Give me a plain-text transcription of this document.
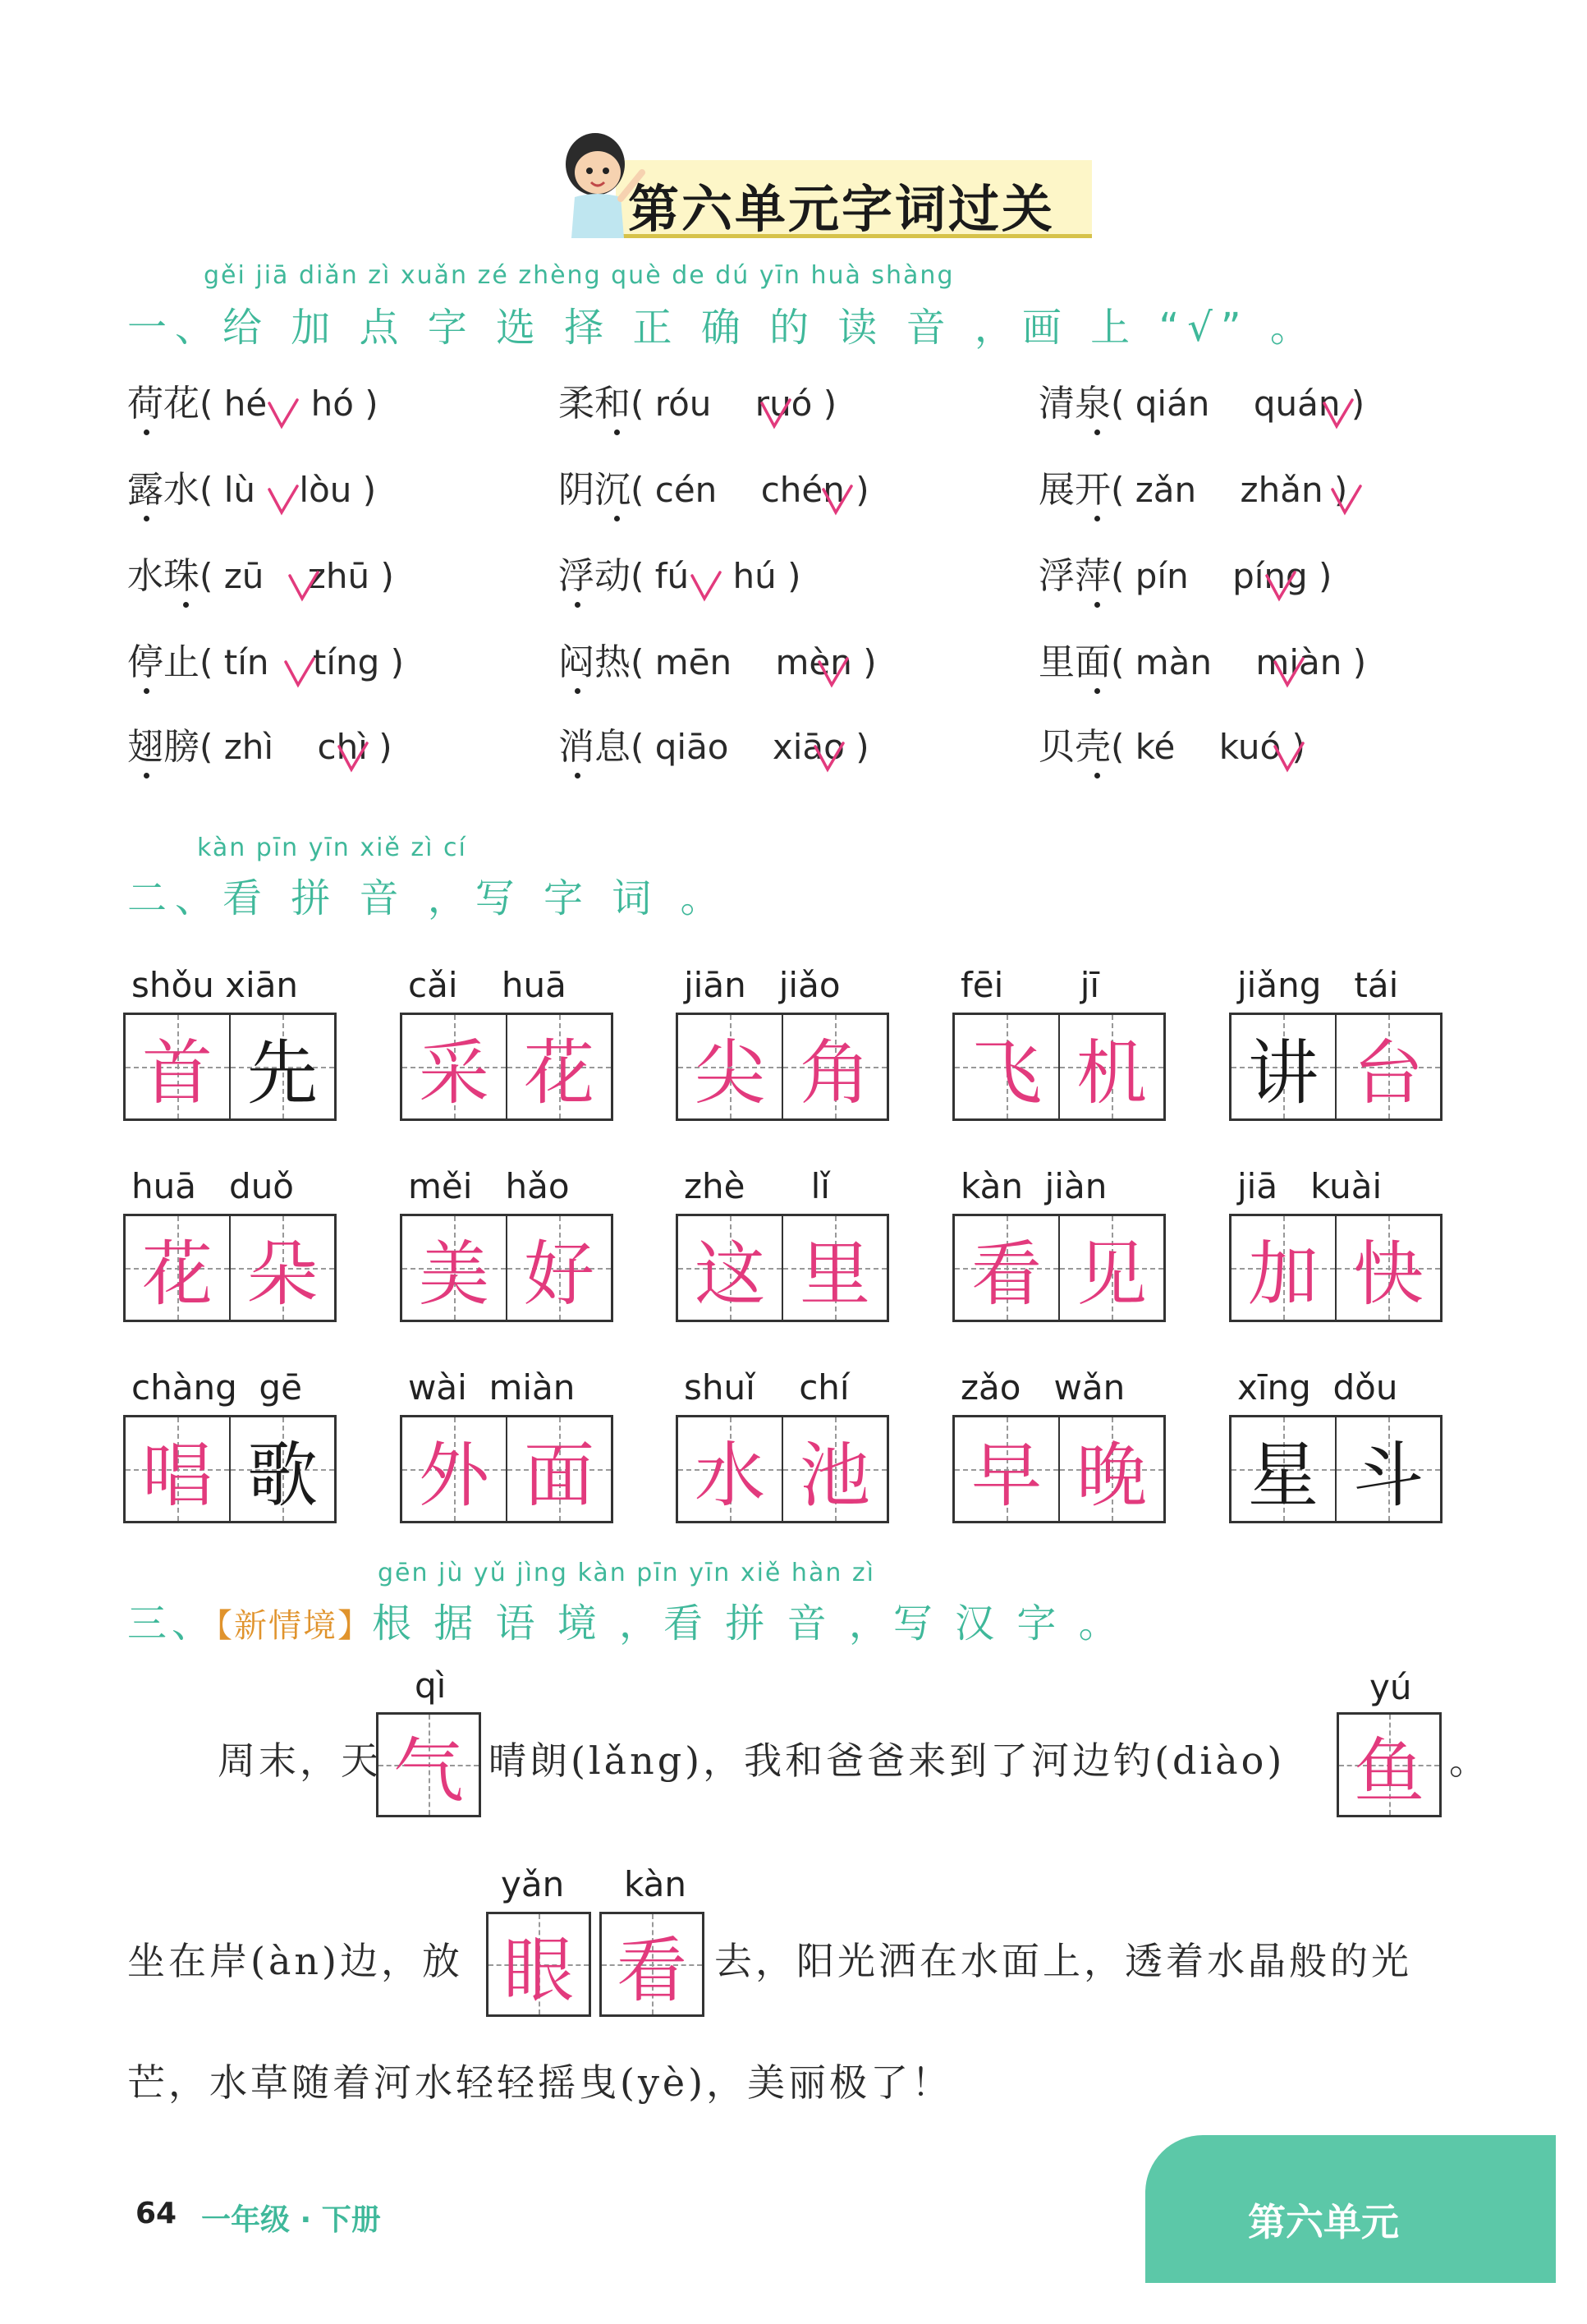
第六单元字词过关
gěi jiā diǎn zì xuǎn zé zhèng què de dú yīn huà shàng
一、给 加 点 字 选 择 正 确 的 读 音 ，画 上 “√” 。
荷花( hé    hó )	柔和( róu    ruó )	清泉( qián    quán )
露水( lù    lòu )	阴沉( cén    chén )	展开( zǎn    zhǎn )
水珠( zū    zhū )	浮动( fú    hú )	浮萍( pín    píng )
停止( tín    tíng )	闷热( mēn    mèn )	里面( màn    miàn )
翅膀( zhì    chì )	消息( qiāo    xiāo )	贝壳( ké    kuó )
kàn pīn yīn xiě zì cí
二、看 拼 音 ，写 字 词 。
shǒu xiān
首 先
cǎi    huā
采 花
jiān   jiǎo
尖 角
fēi       jī
飞 机
jiǎng   tái
讲 台
huā   duǒ
花 朵
měi   hǎo
美 好
zhè      lǐ
这 里
kàn  jiàn
看 见
jiā   kuài
加 快
chàng  gē
唱 歌
wài  miàn
外 面
shuǐ    chí
水 池
zǎo   wǎn
早 晚
xīng  dǒu
星 斗
gēn jù yǔ jìng kàn pīn yīn xiě hàn zì
三、【新情境】根 据 语 境 ，看 拼 音 ，写 汉 字 。
周末，天
qì
气 晴朗(lǎng)，我和爸爸来到了河边钓(diào)
yú
鱼 。
坐在岸(àn)边，放
yǎn
眼
kàn
看 去，阳光洒在水面上，透着水晶般的光
芒，水草随着河水轻轻摇曳(yè)，美丽极了！
第六单元
64 一年级 · 下册
